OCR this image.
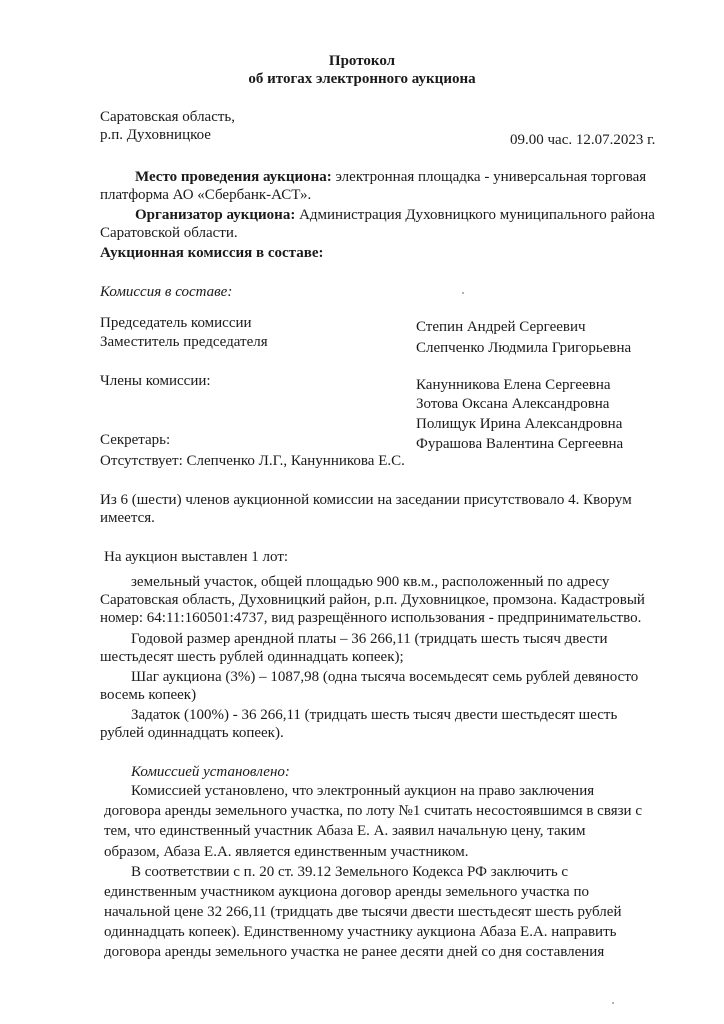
Протокол
об итогах электронного аукциона
Саратовская область,
р.п. Духовницкое	09.00 час. 12.07.2023 г.
Место проведения аукциона: электронная площадка - универсальная торговая
платформа АО «Сбербанк-АСТ».
Организатор аукциона: Администрация Духовницкого муниципального района
Саратовской области.
Аукционная комиссия в составе:
Комиссия в составе:
Председатель комиссии	Степин Андрей Сергеевич
Заместитель председателя	Слепченко Людмила Григорьевна
Члены комиссии:	Канунникова Елена Сергеевна
Зотова Оксана Александровна
Полищук Ирина Александровна
Секретарь:	Фурашова Валентина Сергеевна
Отсутствует: Слепченко Л.Г., Канунникова Е.С.
Из 6 (шести) членов аукционной комиссии на заседании присутствовало 4. Кворум
имеется.
На аукцион выставлен 1 лот:
земельный участок, общей площадью 900 кв.м., расположенный по адресу
Саратовская область, Духовницкий район, р.п. Духовницкое, промзона. Кадастровый
номер: 64:11:160501:4737, вид разрещённого использования - предпринимательство.
Годовой размер арендной платы – 36 266,11 (тридцать шесть тысяч двести
шестьдесят шесть рублей одиннадцать копеек);
Шаг аукциона (3%) – 1087,98 (одна тысяча восемьдесят семь рублей девяносто
восемь копеек)
Задаток (100%) - 36 266,11 (тридцать шесть тысяч двести шестьдесят шесть
рублей одиннадцать копеек).
Комиссией установлено:
Комиссией установлено, что электронный аукцион на право заключения
договора аренды земельного участка, по лоту №1 считать несостоявшимся в связи с
тем, что единственный участник Абаза Е. А. заявил начальную цену, таким
образом, Абаза Е.А. является единственным участником.
В соответствии с п. 20 ст. 39.12 Земельного Кодекса РФ заключить с
единственным участником аукциона договор аренды земельного участка по
начальной цене 32 266,11 (тридцать две тысячи двести шестьдесят шесть рублей
одиннадцать копеек). Единственному участнику аукциона Абаза Е.А. направить
договора аренды земельного участка не ранее десяти дней со дня составления
